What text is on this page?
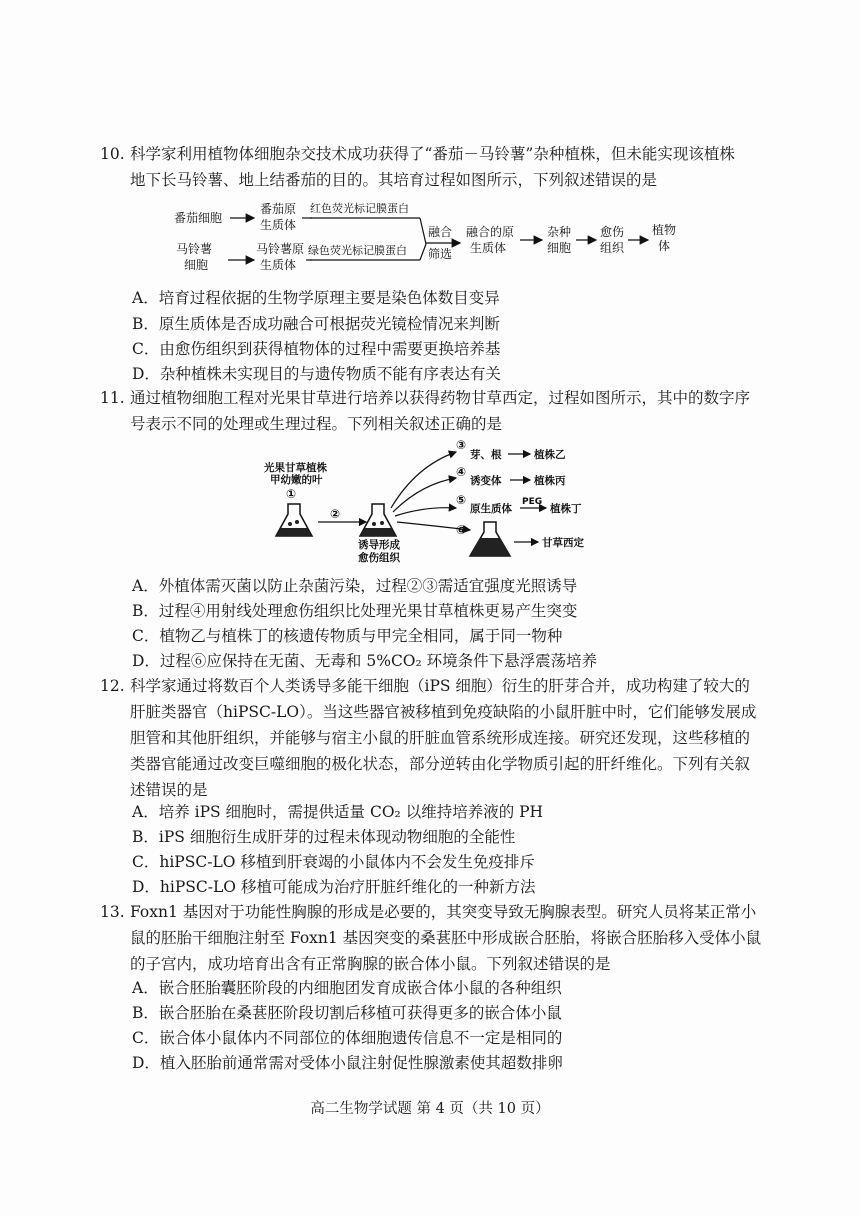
10. 科学家利用植物体细胞杂交技术成功获得了“番茄－马铃薯”杂种植株，但未能实现该植株
地下长马铃薯、地上结番茄的目的。其培育过程如图所示，下列叙述错误的是
番茄细胞
番茄原
生质体
红色荧光标记膜蛋白
马铃薯
细胞
马铃薯原
生质体
绿色荧光标记膜蛋白
融合
筛选
融合的原
生质体
杂种
细胞
愈伤
组织
植物
体
A．培育过程依据的生物学原理主要是染色体数目变异
B．原生质体是否成功融合可根据荧光镜检情况来判断
C．由愈伤组织到获得植物体的过程中需要更换培养基
D．杂种植株未实现目的与遗传物质不能有序表达有关
11. 通过植物细胞工程对光果甘草进行培养以获得药物甘草西定，过程如图所示，其中的数字序
号表示不同的处理或生理过程。下列相关叙述正确的是
光果甘草植株
甲幼嫩的叶
①
②
诱导形成
愈伤组织
③
芽、根	植株乙
④
诱变体	植株丙
⑤
原生质体
PEG
植株丁
⑥
甘草西定
A．外植体需灭菌以防止杂菌污染，过程②③需适宜强度光照诱导
B．过程④用射线处理愈伤组织比处理光果甘草植株更易产生突变
C．植物乙与植株丁的核遗传物质与甲完全相同，属于同一物种
D．过程⑥应保持在无菌、无毒和 5%CO₂ 环境条件下悬浮震荡培养
12. 科学家通过将数百个人类诱导多能干细胞（iPS 细胞）衍生的肝芽合并，成功构建了较大的
肝脏类器官（hiPSC-LO）。当这些器官被移植到免疫缺陷的小鼠肝脏中时，它们能够发展成
胆管和其他肝组织，并能够与宿主小鼠的肝脏血管系统形成连接。研究还发现，这些移植的
类器官能通过改变巨噬细胞的极化状态，部分逆转由化学物质引起的肝纤维化。下列有关叙
述错误的是
A．培养 iPS 细胞时，需提供适量 CO₂ 以维持培养液的 PH
B．iPS 细胞衍生成肝芽的过程未体现动物细胞的全能性
C．hiPSC-LO 移植到肝衰竭的小鼠体内不会发生免疫排斥
D．hiPSC-LO 移植可能成为治疗肝脏纤维化的一种新方法
13. Foxn1 基因对于功能性胸腺的形成是必要的，其突变导致无胸腺表型。研究人员将某正常小
鼠的胚胎干细胞注射至 Foxn1 基因突变的桑葚胚中形成嵌合胚胎，将嵌合胚胎移入受体小鼠
的子宫内，成功培育出含有正常胸腺的嵌合体小鼠。下列叙述错误的是
A．嵌合胚胎囊胚阶段的内细胞团发育成嵌合体小鼠的各种组织
B．嵌合胚胎在桑葚胚阶段切割后移植可获得更多的嵌合体小鼠
C．嵌合体小鼠体内不同部位的体细胞遗传信息不一定是相同的
D．植入胚胎前通常需对受体小鼠注射促性腺激素使其超数排卵
高二生物学试题 第 4 页（共 10 页）
